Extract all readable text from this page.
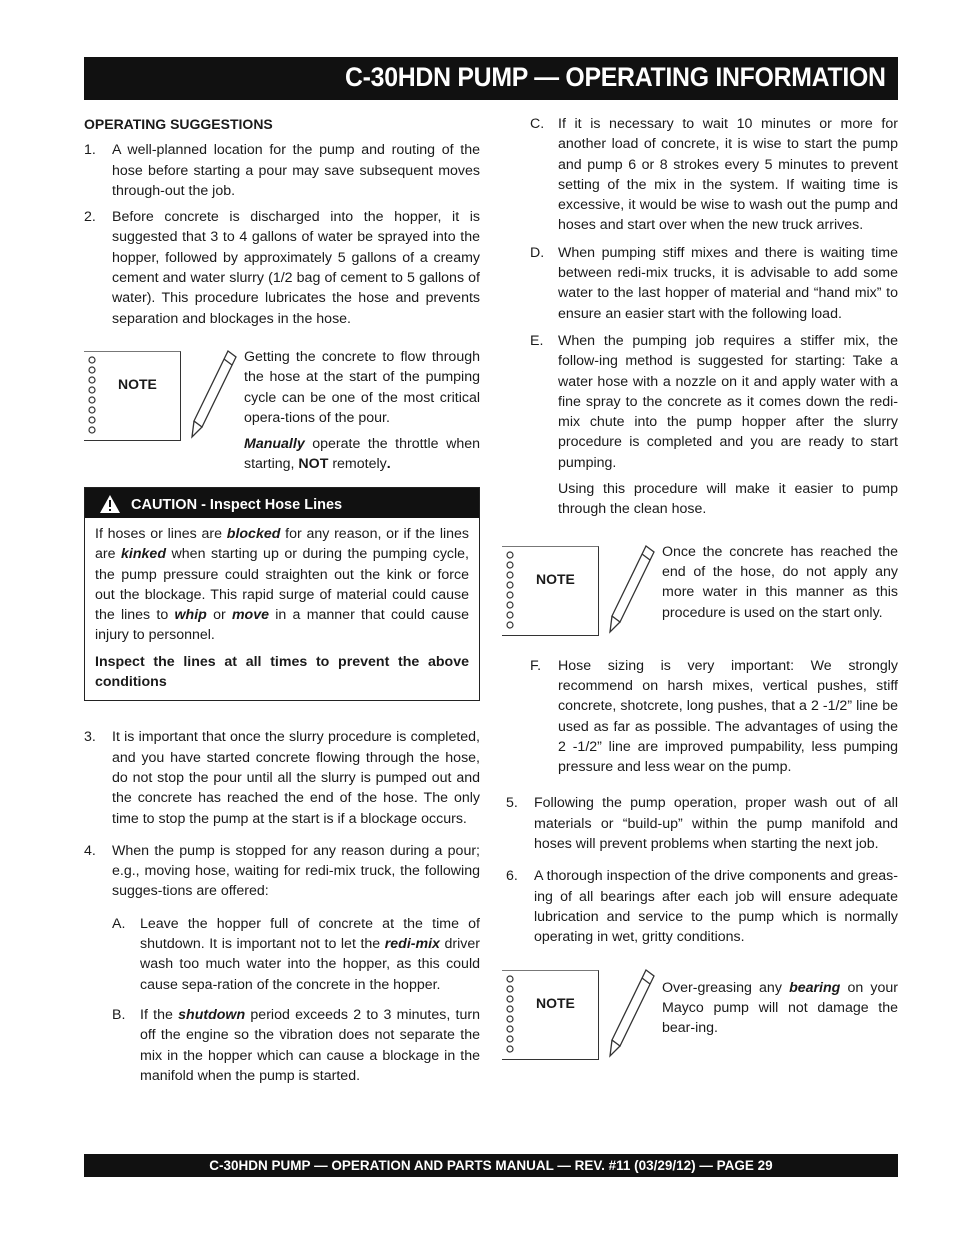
C-30HDN PUMP — OPERATING INFORMATION

OPERATING SUGGESTIONS

1. A well-planned location for the pump and routing of the hose before starting a pour may save subsequent moves through-out the job.

2. Before concrete is discharged into the hopper, it is suggested that 3 to 4 gallons of water be sprayed into the hopper, followed by approximately 5 gallons of a creamy cement and water slurry (1/2 bag of cement to 5 gallons of water). This procedure lubricates the hose and prevents separation and blockages in the hose.

NOTE

Getting the concrete to flow through the hose at the start of the pumping cycle can be one of the most critical opera-tions of the pour.

Manually operate the throttle when starting, NOT remotely.

CAUTION - Inspect Hose Lines

If hoses or lines are blocked for any reason, or if the lines are kinked when starting up or during the pumping cycle, the pump pressure could straighten out the kink or force out the blockage. This rapid surge of material could cause the lines to whip or move in a manner that could cause injury to personnel.

Inspect the lines at all times to prevent the above conditions

3. It is important that once the slurry procedure is completed, and you have started concrete flowing through the hose, do not stop the pour until all the slurry is pumped out and the concrete has reached the end of the hose. The only time to stop the pump at the start is if a blockage occurs.

4. When the pump is stopped for any reason during a pour; e.g., moving hose, waiting for redi-mix truck, the following sugges-tions are offered:

A. Leave the hopper full of concrete at the time of shutdown. It is important not to let the redi-mix driver wash too much water into the hopper, as this could cause sepa-ration of the concrete in the hopper.

B. If the shutdown period exceeds 2 to 3 minutes, turn off the engine so the vibration does not separate the mix in the hopper which can cause a blockage in the manifold when the pump is started.

C. If it is necessary to wait 10 minutes or more for another load of concrete, it is wise to start the pump and pump 6 or 8 strokes every 5 minutes to prevent setting of the mix in the system. If waiting time is excessive, it would be wise to wash out the pump and hoses and start over when the new truck arrives.

D. When pumping stiff mixes and there is waiting time between redi-mix trucks, it is advisable to add some water to the last hopper of material and “hand mix” to ensure an easier start with the following load.

E. When the pumping job requires a stiffer mix, the follow-ing method is suggested for starting: Take a water hose with a nozzle on it and apply water with a fine spray to the concrete as it comes down the redi-mix chute into the pump hopper after the slurry procedure is completed and you are ready to start pumping.

Using this procedure will make it easier to pump through the clean hose.

NOTE

Once the concrete has reached the end of the hose, do not apply any more water in this manner as this procedure is used on the start only.

F. Hose sizing is very important: We strongly recommend on harsh mixes, vertical pushes, stiff concrete, shotcrete, long pushes, that a 2 -1/2” line be used as far as possible. The advantages of using the 2 -1/2” line are improved pumpability, less pumping pressure and less wear on the pump.

5. Following the pump operation, proper wash out of all materials or “build-up” within the pump manifold and hoses will prevent problems when starting the next job.

6. A thorough inspection of the drive components and greas-ing of all bearings after each job will ensure adequate lubrication and service to the pump which is normally operating in wet, gritty conditions.

NOTE

Over-greasing any bearing on your Mayco pump will not damage the bear-ing.

C-30HDN PUMP — OPERATION AND PARTS MANUAL — REV. #11 (03/29/12) — PAGE 29
